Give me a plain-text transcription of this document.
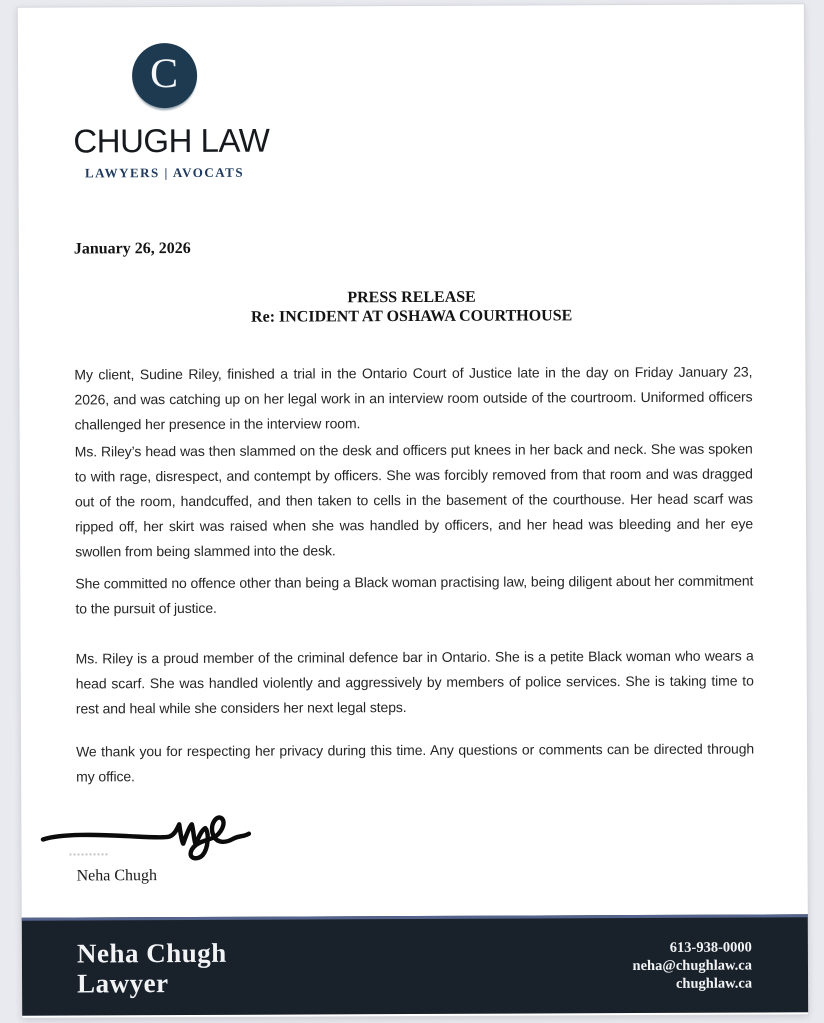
C
CHUGH LAW
LAWYERS | AVOCATS
January 26, 2026
PRESS RELEASE
Re: INCIDENT AT OSHAWA COURTHOUSE

My client, Sudine Riley, finished a trial in the Ontario Court of Justice late in the day on Friday January 23, 2026, and was catching up on her legal work in an interview room outside of the courtroom. Uniformed officers challenged her presence in the interview room.

Ms. Riley’s head was then slammed on the desk and officers put knees in her back and neck. She was spoken to with rage, disrespect, and contempt by officers. She was forcibly removed from that room and was dragged out of the room, handcuffed, and then taken to cells in the basement of the courthouse. Her head scarf was ripped off, her skirt was raised when she was handled by officers, and her head was bleeding and her eye swollen from being slammed into the desk.

She committed no offence other than being a Black woman practising law, being diligent about her commitment to the pursuit of justice.

Ms. Riley is a proud member of the criminal defence bar in Ontario. She is a petite Black woman who wears a head scarf. She was handled violently and aggressively by members of police services. She is taking time to rest and heal while she considers her next legal steps.

We thank you for respecting her privacy during this time. Any questions or comments can be directed through my office.

Neha Chugh
Neha Chugh
Lawyer
613-938-0000
neha@chughlaw.ca
chughlaw.ca
